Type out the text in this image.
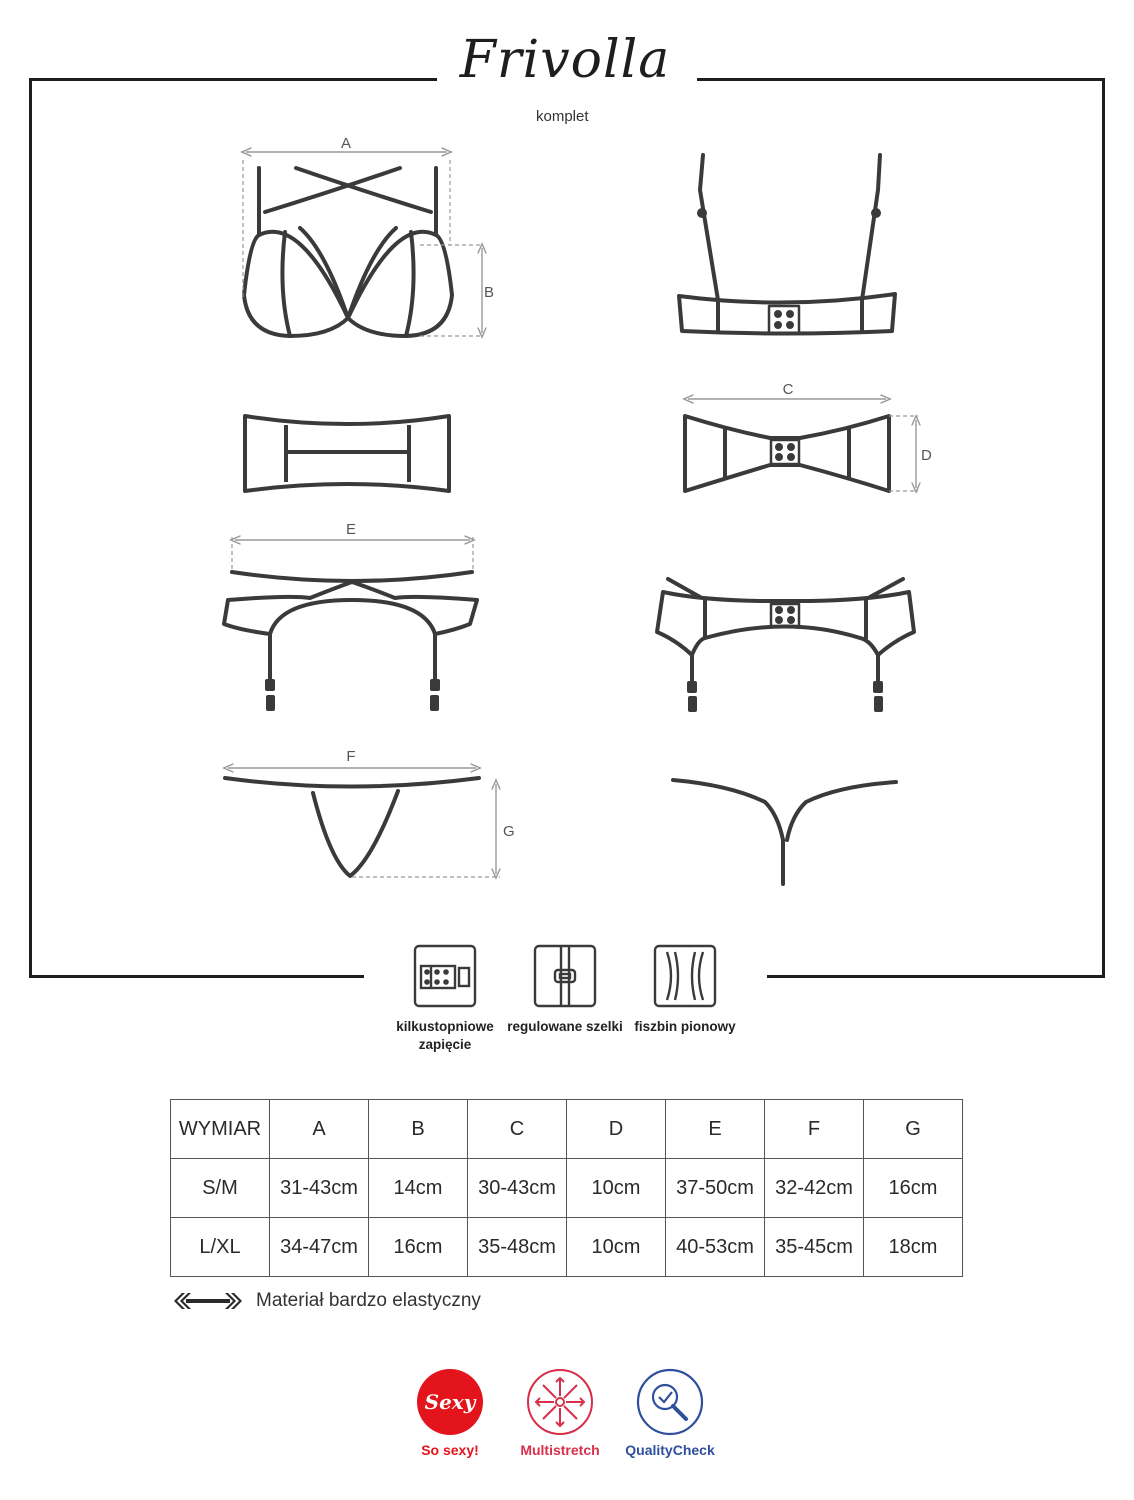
Frivolla
komplet
A
B
C
D
E
F
G
kilkustopniowe zapięcie
regulowane szelki fiszbin pionowy
WYMIAR	A	B	C	D	E	F	G
S/M	31-43cm	14cm	30-43cm	10cm	37-50cm	32-42cm	16cm
L/XL	34-47cm	16cm	35-48cm	10cm	40-53cm	35-45cm	18cm
Materiał bardzo elastyczny
Sexy
So sexy!	Multistretch	QualityCheck
